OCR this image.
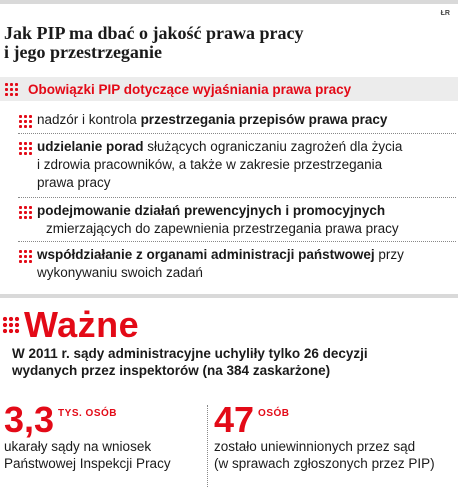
ŁR
Jak PIP ma dbać o jakość prawa pracy
i jego przestrzeganie
Obowiązki PIP dotyczące wyjaśniania prawa pracy
nadzór i kontrola przestrzegania przepisów prawa pracy
udzielanie porad służących ograniczaniu zagrożeń dla życia
i zdrowia pracowników, a także w zakresie przestrzegania
prawa pracy
podejmowanie działań prewencyjnych i promocyjnych
zmierzających do zapewnienia przestrzegania prawa pracy
współdziałanie z organami administracji państwowej przy
wykonywaniu swoich zadań
Ważne
W 2011 r. sądy administracyjne uchyliły tylko 26 decyzji
wydanych przez inspektorów (na 384 zaskarżone)
3,3 TYS. OSÓB
ukarały sądy na wniosek
Państwowej Inspekcji Pracy
47 OSÓB
zostało uniewinnionych przez sąd
(w sprawach zgłoszonych przez PIP)
